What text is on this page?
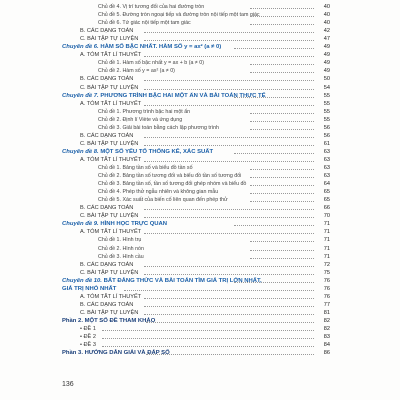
Chủ đề 4. Vị trí tương đối của hai đường tròn	40
Chủ đề 5. Đường tròn ngoại tiếp và đường tròn nội tiếp một tam giác	40
Chủ đề 6. Tứ giác nội tiếp một tam giác	40
B. CÁC DẠNG TOÁN	42
C. BÀI TẬP TỰ LUYỆN	47
Chuyên đề 6. HÀM SỐ BẬC NHẤT. HÀM SỐ y = ax² (a ≠ 0)	49
A. TÓM TẮT LÍ THUYẾT	49
Chủ đề 1. Hàm số bậc nhất y = ax + b (a ≠ 0)	49
Chủ đề 2. Hàm số y = ax² (a ≠ 0)	49
B. CÁC DẠNG TOÁN	50
C. BÀI TẬP TỰ LUYỆN	54
Chuyên đề 7. PHƯƠNG TRÌNH BẬC HAI MỘT ẨN VÀ BÀI TOÁN THỰC TẾ	55
A. TÓM TẮT LÍ THUYẾT	55
Chủ đề 1. Phương trình bậc hai một ẩn	55
Chủ đề 2. Định lí Viète và ứng dụng	55
Chủ đề 3. Giải bài toán bằng cách lập phương trình	56
B. CÁC DẠNG TOÁN	56
C. BÀI TẬP TỰ LUYỆN	61
Chuyên đề 8. MỘT SỐ YẾU TỐ THỐNG KÊ, XÁC SUẤT	63
A. TÓM TẮT LÍ THUYẾT	63
Chủ đề 1. Bảng tần số và biểu đồ tần số	63
Chủ đề 2. Bảng tần số tương đối và biểu đồ tần số tương đối	63
Chủ đề 3. Bảng tần số, tần số tương đối ghép nhóm và biểu đồ	64
Chủ đề 4. Phép thử ngẫu nhiên và không gian mẫu	65
Chủ đề 5. Xác suất của biến cố liên quan đến phép thử	65
B. CÁC DẠNG TOÁN	66
C. BÀI TẬP TỰ LUYỆN	70
Chuyên đề 9. HÌNH HỌC TRỰC QUAN	71
A. TÓM TẮT LÍ THUYẾT	71
Chủ đề 1. Hình trụ	71
Chủ đề 2. Hình nón	71
Chủ đề 3. Hình cầu	71
B. CÁC DẠNG TOÁN	72
C. BÀI TẬP TỰ LUYỆN	75
Chuyên đề 10. BẤT ĐẲNG THỨC VÀ BÀI TOÁN TÌM GIÁ TRỊ LỚN NHẤT,	76
GIÁ TRỊ NHỎ NHẤT	76
A. TÓM TẮT LÍ THUYẾT	76
B. CÁC DẠNG TOÁN	77
C. BÀI TẬP TỰ LUYỆN	81
Phần 2. MỘT SỐ ĐỀ THAM KHẢO	82
• ĐỀ 1	82
• ĐỀ 2	83
• ĐỀ 3	84
Phần 3. HƯỚNG DẪN GIẢI VÀ ĐÁP SỐ	86
136
